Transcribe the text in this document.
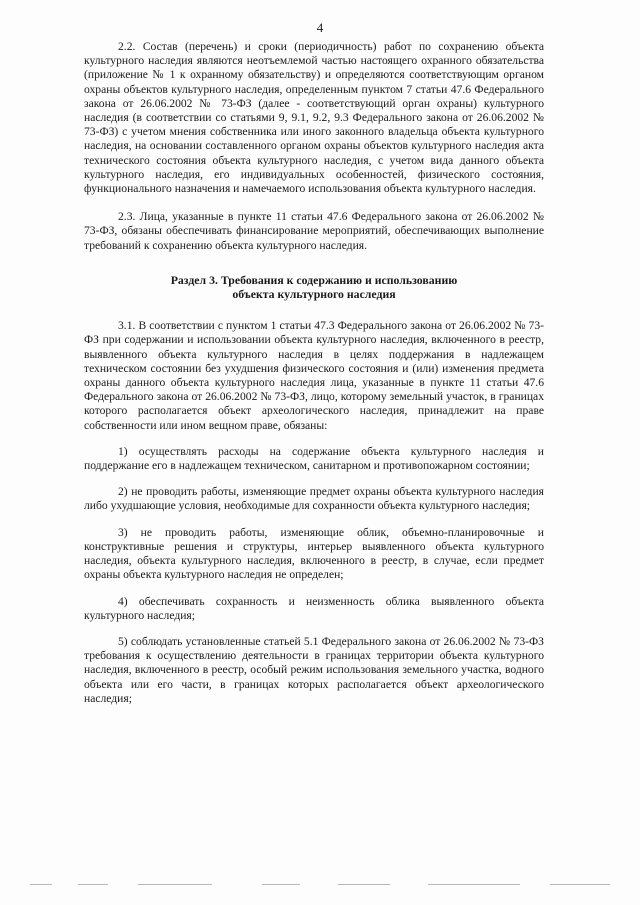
4

2.2. Состав (перечень) и сроки (периодичность) работ по сохранению объекта культурного наследия являются неотъемлемой частью настоящего охранного обязательства (приложение № 1 к охранному обязательству) и определяются соответствующим органом охраны объектов культурного наследия, определенным пунктом 7 статьи 47.6 Федерального закона от 26.06.2002 № 73-ФЗ (далее - соответствующий орган охраны) культурного наследия (в соответствии со статьями 9, 9.1, 9.2, 9.3 Федерального закона от 26.06.2002 № 73-ФЗ) с учетом мнения собственника или иного законного владельца объекта культурного наследия, на основании составленного органом охраны объектов культурного наследия акта технического состояния объекта культурного наследия, с учетом вида данного объекта культурного наследия, его индивидуальных особенностей, физического состояния, функционального назначения и намечаемого использования объекта культурного наследия.

2.3. Лица, указанные в пункте 11 статьи 47.6 Федерального закона от 26.06.2002 № 73-ФЗ, обязаны обеспечивать финансирование мероприятий, обеспечивающих выполнение требований к сохранению объекта культурного наследия.

Раздел 3. Требования к содержанию и использованию
объекта культурного наследия

3.1. В соответствии с пунктом 1 статьи 47.3 Федерального закона от 26.06.2002 № 73-ФЗ при содержании и использовании объекта культурного наследия, включенного в реестр, выявленного объекта культурного наследия в целях поддержания в надлежащем техническом состоянии без ухудшения физического состояния и (или) изменения предмета охраны данного объекта культурного наследия лица, указанные в пункте 11 статьи 47.6 Федерального закона от 26.06.2002 № 73-ФЗ, лицо, которому земельный участок, в границах которого располагается объект археологического наследия, принадлежит на праве собственности или ином вещном праве, обязаны:

1) осуществлять расходы на содержание объекта культурного наследия и поддержание его в надлежащем техническом, санитарном и противопожарном состоянии;

2) не проводить работы, изменяющие предмет охраны объекта культурного наследия либо ухудшающие условия, необходимые для сохранности объекта культурного наследия;

3) не проводить работы, изменяющие облик, объемно-планировочные и конструктивные решения и структуры, интерьер выявленного объекта культурного наследия, объекта культурного наследия, включенного в реестр, в случае, если предмет охраны объекта культурного наследия не определен;

4) обеспечивать сохранность и неизменность облика выявленного объекта культурного наследия;

5) соблюдать установленные статьей 5.1 Федерального закона от 26.06.2002 № 73-ФЗ требования к осуществлению деятельности в границах территории объекта культурного наследия, включенного в реестр, особый режим использования земельного участка, водного объекта или его части, в границах которых располагается объект археологического наследия;
